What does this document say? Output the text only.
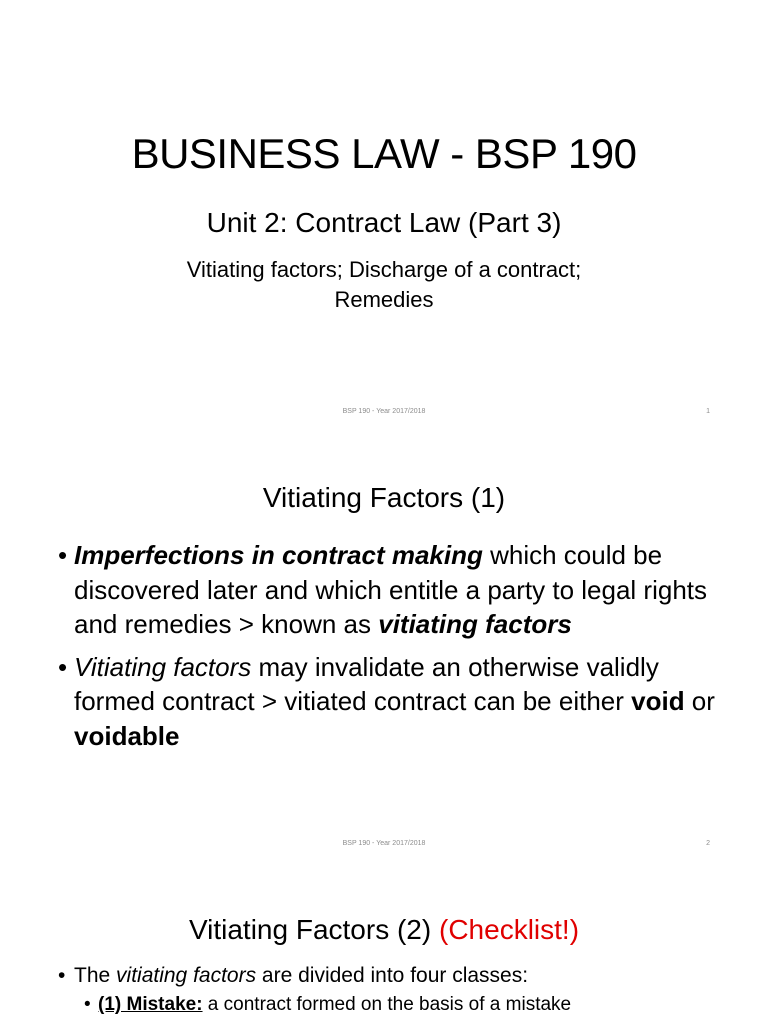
BUSINESS LAW - BSP 190
Unit 2: Contract Law (Part 3)
Vitiating factors; Discharge of a contract;
Remedies
BSP 190 - Year 2017/2018	1
Vitiating Factors (1)
• Imperfections in contract making which could be discovered later and which entitle a party to legal rights and remedies > known as vitiating factors
• Vitiating factors may invalidate an otherwise validly formed contract > vitiated contract can be either void or voidable
BSP 190 - Year 2017/2018	2
Vitiating Factors (2) (Checklist!)
• The vitiating factors are divided into four classes:
• (1) Mistake: a contract formed on the basis of a mistake
